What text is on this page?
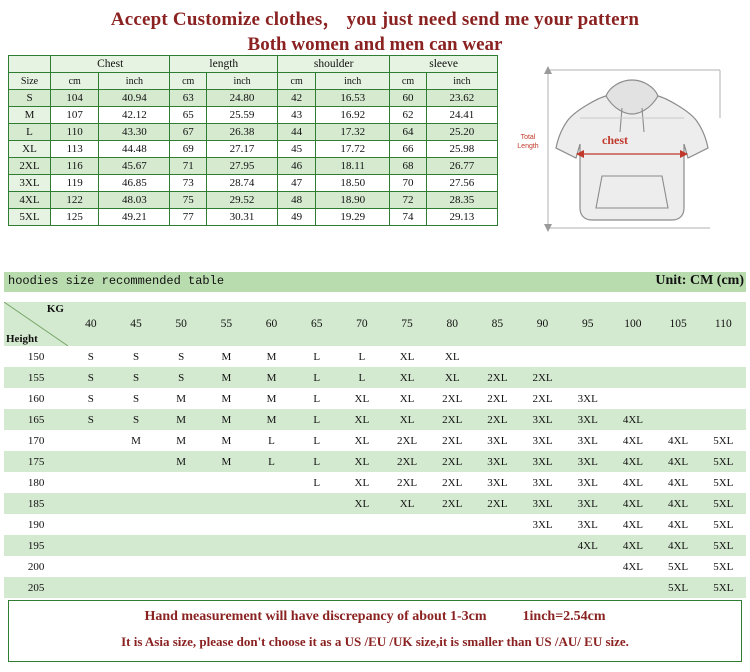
Accept Customize clothes， you just need send me your pattern
Both women and men can wear
	Chest		length		shoulder		sleeve	
Size	cm	inch	cm	inch	cm	inch	cm	inch
S	104	40.94	63	24.80	42	16.53	60	23.62
M	107	42.12	65	25.59	43	16.92	62	24.41
L	110	43.30	67	26.38	44	17.32	64	25.20
XL	113	44.48	69	27.17	45	17.72	66	25.98
2XL	116	45.67	71	27.95	46	18.11	68	26.77
3XL	119	46.85	73	28.74	47	18.50	70	27.56
4XL	122	48.03	75	29.52	48	18.90	72	28.35
5XL	125	49.21	77	30.31	49	19.29	74	29.13
Total Length	chest
hoodies size recommended table	Unit: CM (cm)
KG
Height	40	45	50	55	60	65	70	75	80	85	90	95	100	105	110
150	S	S	S	M	M	L	L	XL	XL						
155	S	S	S	M	M	L	L	XL	XL	2XL	2XL				
160	S	S	M	M	M	L	XL	XL	2XL	2XL	2XL	3XL			
165	S	S	M	M	M	L	XL	XL	2XL	2XL	3XL	3XL	4XL		
170		M	M	M	L	L	XL	2XL	2XL	3XL	3XL	3XL	4XL	4XL	5XL
175			M	M	L	L	XL	2XL	2XL	3XL	3XL	3XL	4XL	4XL	5XL
180						L	XL	2XL	2XL	3XL	3XL	3XL	4XL	4XL	5XL
185							XL	XL	2XL	2XL	3XL	3XL	4XL	4XL	5XL
190											3XL	3XL	4XL	4XL	5XL
195												4XL	4XL	4XL	5XL
200													4XL	5XL	5XL
205														5XL	5XL
Hand measurement will have discrepancy of about 1-3cm	1inch=2.54cm
It is Asia size, please don't choose it as a US /EU /UK size,it is smaller than US /AU/ EU size.
